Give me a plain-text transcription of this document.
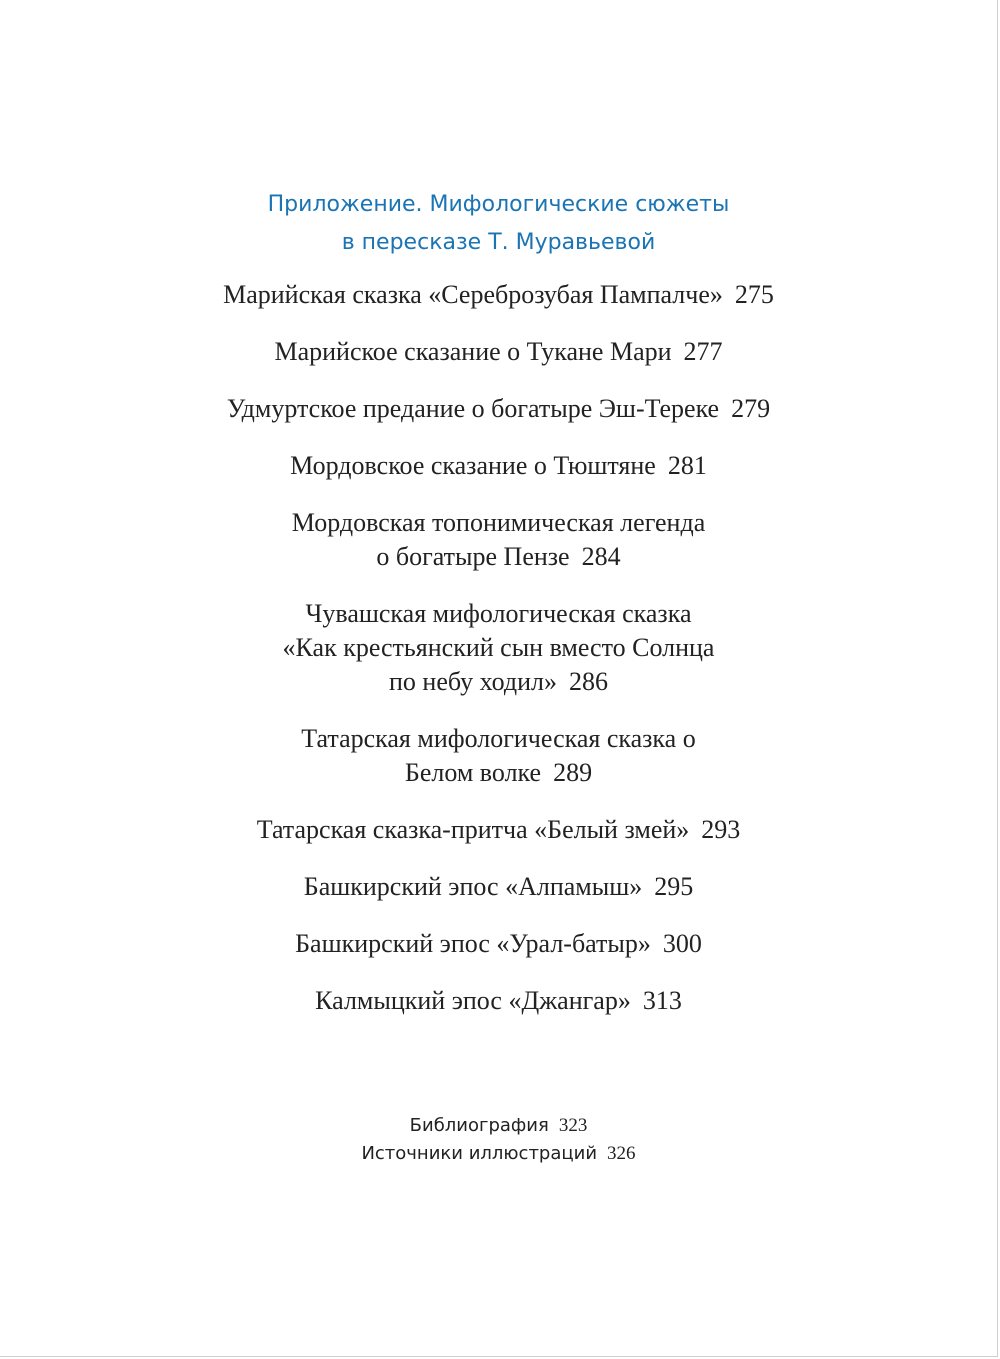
Приложение. Мифологические сюжеты
в пересказе Т. Муравьевой
Марийская сказка «Сереброзубая Пампалче» 275
Марийское сказание о Тукане Мари 277
Удмуртское предание о богатыре Эш-Тереке 279
Мордовское сказание о Тюштяне 281
Мордовская топонимическая легенда
о богатыре Пензе 284
Чувашская мифологическая сказка
«Как крестьянский сын вместо Солнца
по небу ходил» 286
Татарская мифологическая сказка о
Белом волке 289
Татарская сказка-притча «Белый змей» 293
Башкирский эпос «Алпамыш» 295
Башкирский эпос «Урал-батыр» 300
Калмыцкий эпос «Джангар» 313
Библиография 323
Источники иллюстраций 326
